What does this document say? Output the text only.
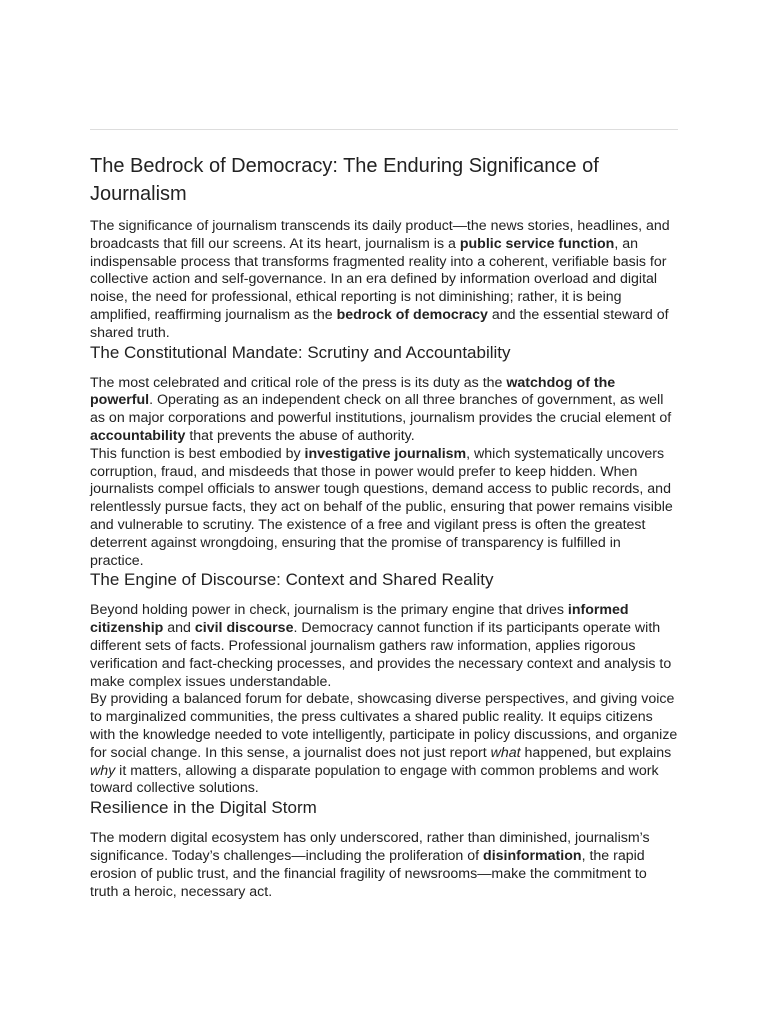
The Bedrock of Democracy: The Enduring Significance of Journalism

The significance of journalism transcends its daily product—the news stories, headlines, and broadcasts that fill our screens. At its heart, journalism is a public service function, an indispensable process that transforms fragmented reality into a coherent, verifiable basis for collective action and self-governance. In an era defined by information overload and digital noise, the need for professional, ethical reporting is not diminishing; rather, it is being amplified, reaffirming journalism as the bedrock of democracy and the essential steward of shared truth.

The Constitutional Mandate: Scrutiny and Accountability

The most celebrated and critical role of the press is its duty as the watchdog of the powerful. Operating as an independent check on all three branches of government, as well as on major corporations and powerful institutions, journalism provides the crucial element of accountability that prevents the abuse of authority.

This function is best embodied by investigative journalism, which systematically uncovers corruption, fraud, and misdeeds that those in power would prefer to keep hidden. When journalists compel officials to answer tough questions, demand access to public records, and relentlessly pursue facts, they act on behalf of the public, ensuring that power remains visible and vulnerable to scrutiny. The existence of a free and vigilant press is often the greatest deterrent against wrongdoing, ensuring that the promise of transparency is fulfilled in practice.

The Engine of Discourse: Context and Shared Reality

Beyond holding power in check, journalism is the primary engine that drives informed citizenship and civil discourse. Democracy cannot function if its participants operate with different sets of facts. Professional journalism gathers raw information, applies rigorous verification and fact-checking processes, and provides the necessary context and analysis to make complex issues understandable.

By providing a balanced forum for debate, showcasing diverse perspectives, and giving voice to marginalized communities, the press cultivates a shared public reality. It equips citizens with the knowledge needed to vote intelligently, participate in policy discussions, and organize for social change. In this sense, a journalist does not just report what happened, but explains why it matters, allowing a disparate population to engage with common problems and work toward collective solutions.

Resilience in the Digital Storm

The modern digital ecosystem has only underscored, rather than diminished, journalism’s significance. Today’s challenges—including the proliferation of disinformation, the rapid erosion of public trust, and the financial fragility of newsrooms—make the commitment to truth a heroic, necessary act.
